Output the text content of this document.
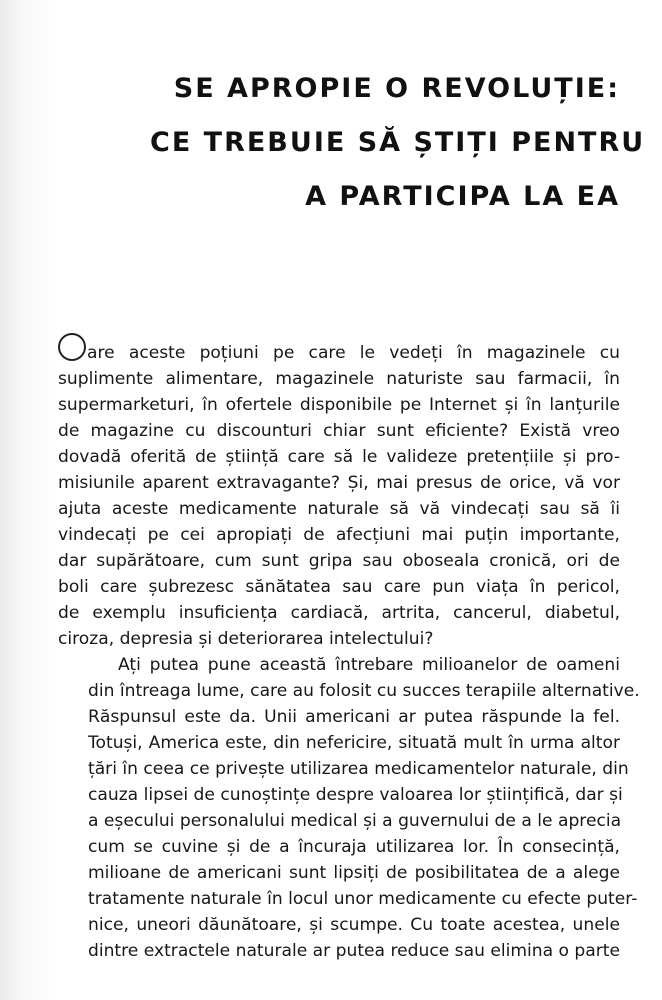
SE APROPIE O REVOLUȚIE:
CE TREBUIE SĂ ȘTIȚI PENTRU
A PARTICIPA LA EA
are aceste poțiuni pe care le vedeți în magazinele cu
suplimente alimentare, magazinele naturiste sau farmacii, în
supermarketuri, în ofertele disponibile pe Internet și în lanțurile
de magazine cu discounturi chiar sunt eficiente? Există vreo
dovadă oferită de știință care să le valideze pretențiile și pro-
misiunile aparent extravagante? Și, mai presus de orice, vă vor
ajuta aceste medicamente naturale să vă vindecați sau să îi
vindecați pe cei apropiați de afecțiuni mai puțin importante,
dar supărătoare, cum sunt gripa sau oboseala cronică, ori de
boli care șubrezesc sănătatea sau care pun viața în pericol,
de exemplu insuficiența cardiacă, artrita, cancerul, diabetul,
ciroza, depresia și deteriorarea intelectului?
Ați putea pune această întrebare milioanelor de oameni
din întreaga lume, care au folosit cu succes terapiile alternative.
Răspunsul este da. Unii americani ar putea răspunde la fel.
Totuși, America este, din nefericire, situată mult în urma altor
țări în ceea ce privește utilizarea medicamentelor naturale, din
cauza lipsei de cunoștințe despre valoarea lor științifică, dar și
a eșecului personalului medical și a guvernului de a le aprecia
cum se cuvine și de a încuraja utilizarea lor. În consecință,
milioane de americani sunt lipsiți de posibilitatea de a alege
tratamente naturale în locul unor medicamente cu efecte puter-
nice, uneori dăunătoare, și scumpe. Cu toate acestea, unele
dintre extractele naturale ar putea reduce sau elimina o parte
